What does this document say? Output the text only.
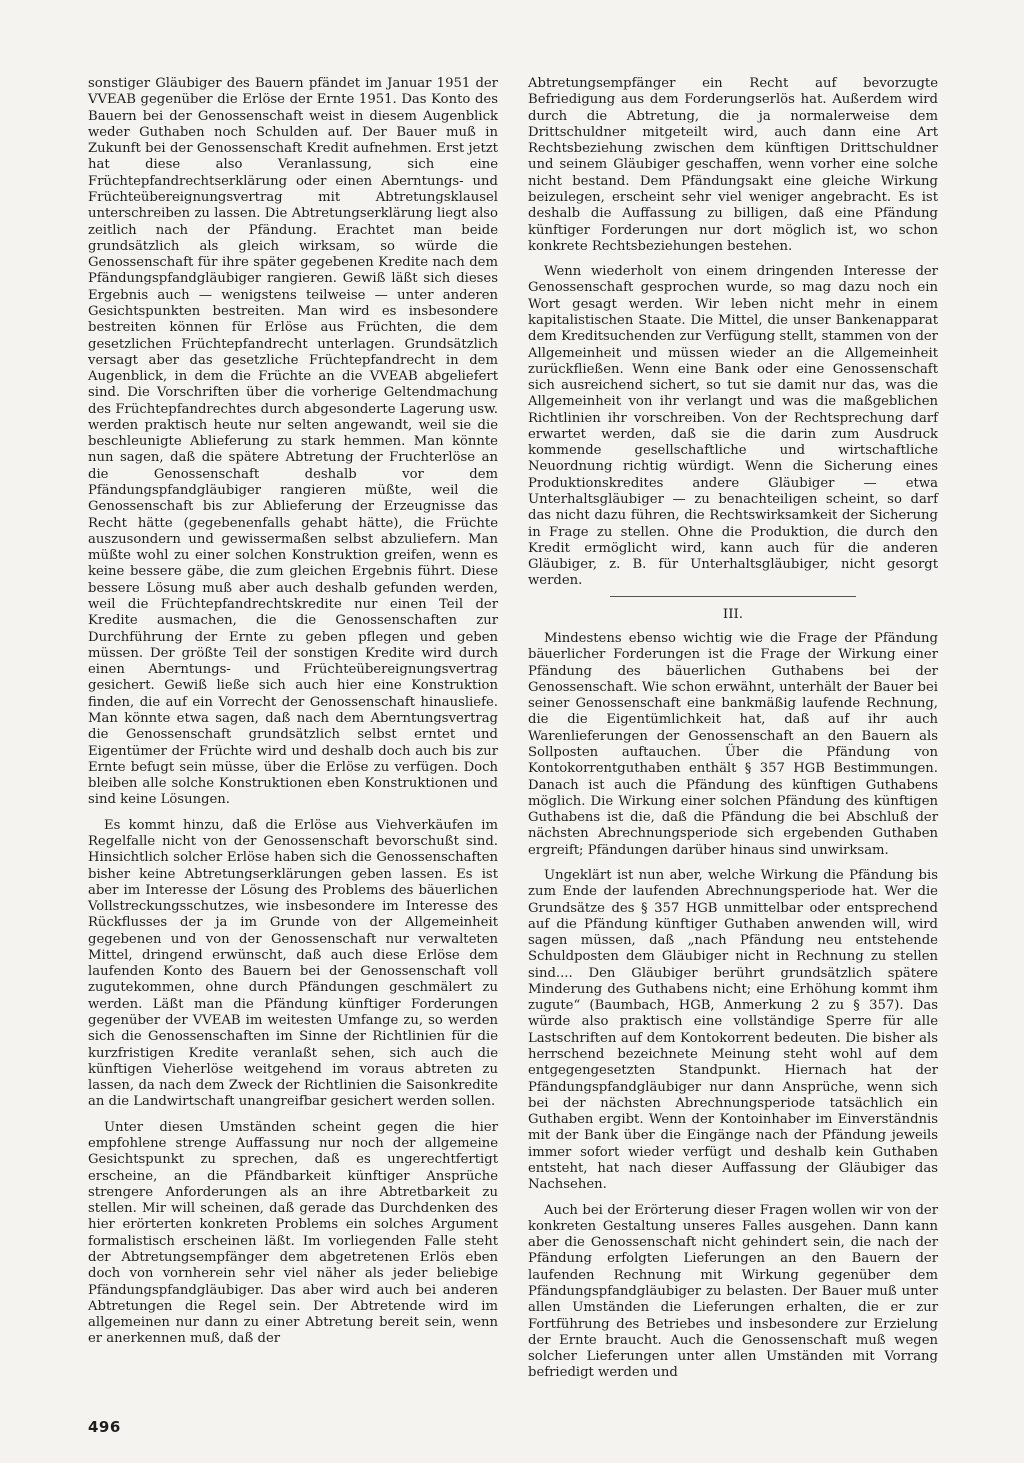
sonstiger Gläubiger des Bauern pfändet im Januar 1951 der VVEAB gegenüber die Erlöse der Ernte 1951. Das Konto des Bauern bei der Genossenschaft weist in diesem Augenblick weder Guthaben noch Schulden auf. Der Bauer muß in Zukunft bei der Genossenschaft Kredit aufnehmen. Erst jetzt hat diese also Veranlassung, sich eine Früchtepfandrechtserklärung oder einen Aberntungs- und Früchteübereignungsvertrag mit Abtretungsklausel unterschreiben zu lassen. Die Abtretungserklärung liegt also zeitlich nach der Pfändung. Erachtet man beide grundsätzlich als gleich wirksam, so würde die Genossenschaft für ihre später gegebenen Kredite nach dem Pfändungspfandgläubiger rangieren. Gewiß läßt sich dieses Ergebnis auch — wenigstens teilweise — unter anderen Gesichtspunkten bestreiten. Man wird es insbesondere bestreiten können für Erlöse aus Früchten, die dem gesetzlichen Früchtepfandrecht unterlagen. Grundsätzlich versagt aber das gesetzliche Früchtepfandrecht in dem Augenblick, in dem die Früchte an die VVEAB abgeliefert sind. Die Vorschriften über die vorherige Geltendmachung des Früchtepfandrechtes durch abgesonderte Lagerung usw. werden praktisch heute nur selten angewandt, weil sie die beschleunigte Ablieferung zu stark hemmen. Man könnte nun sagen, daß die spätere Abtretung der Fruchterlöse an die Genossenschaft deshalb vor dem Pfändungspfandgläubiger rangieren müßte, weil die Genossenschaft bis zur Ablieferung der Erzeugnisse das Recht hätte (gegebenenfalls gehabt hätte), die Früchte auszusondern und gewissermaßen selbst abzuliefern. Man müßte wohl zu einer solchen Konstruktion greifen, wenn es keine bessere gäbe, die zum gleichen Ergebnis führt. Diese bessere Lösung muß aber auch deshalb gefunden werden, weil die Früchtepfandrechtskredite nur einen Teil der Kredite ausmachen, die die Genossenschaften zur Durchführung der Ernte zu geben pflegen und geben müssen. Der größte Teil der sonstigen Kredite wird durch einen Aberntungs- und Früchteübereignungsvertrag gesichert. Gewiß ließe sich auch hier eine Konstruktion finden, die auf ein Vorrecht der Genossenschaft hinausliefe. Man könnte etwa sagen, daß nach dem Aberntungsvertrag die Genossenschaft grundsätzlich selbst erntet und Eigentümer der Früchte wird und deshalb doch auch bis zur Ernte befugt sein müsse, über die Erlöse zu verfügen. Doch bleiben alle solche Konstruktionen eben Konstruktionen und sind keine Lösungen.

Es kommt hinzu, daß die Erlöse aus Viehverkäufen im Regelfalle nicht von der Genossenschaft bevorschußt sind. Hinsichtlich solcher Erlöse haben sich die Genossenschaften bisher keine Abtretungserklärungen geben lassen. Es ist aber im Interesse der Lösung des Problems des bäuerlichen Vollstreckungsschutzes, wie insbesondere im Interesse des Rückflusses der ja im Grunde von der Allgemeinheit gegebenen und von der Genossenschaft nur verwalteten Mittel, dringend erwünscht, daß auch diese Erlöse dem laufenden Konto des Bauern bei der Genossenschaft voll zugutekommen, ohne durch Pfändungen geschmälert zu werden. Läßt man die Pfändung künftiger Forderungen gegenüber der VVEAB im weitesten Umfange zu, so werden sich die Genossenschaften im Sinne der Richtlinien für die kurzfristigen Kredite veranlaßt sehen, sich auch die künftigen Vieherlöse weitgehend im voraus abtreten zu lassen, da nach dem Zweck der Richtlinien die Saisonkredite an die Landwirtschaft unangreifbar gesichert werden sollen.

Unter diesen Umständen scheint gegen die hier empfohlene strenge Auffassung nur noch der allgemeine Gesichtspunkt zu sprechen, daß es ungerechtfertigt erscheine, an die Pfändbarkeit künftiger Ansprüche strengere Anforderungen als an ihre Abtretbarkeit zu stellen. Mir will scheinen, daß gerade das Durchdenken des hier erörterten konkreten Problems ein solches Argument formalistisch erscheinen läßt. Im vorliegenden Falle steht der Abtretungsempfänger dem abgetretenen Erlös eben doch von vornherein sehr viel näher als jeder beliebige Pfändungspfandgläubiger. Das aber wird auch bei anderen Abtretungen die Regel sein. Der Abtretende wird im allgemeinen nur dann zu einer Abtretung bereit sein, wenn er anerkennen muß, daß der

Abtretungsempfänger ein Recht auf bevorzugte Befriedigung aus dem Forderungserlös hat. Außerdem wird durch die Abtretung, die ja normalerweise dem Drittschuldner mitgeteilt wird, auch dann eine Art Rechtsbeziehung zwischen dem künftigen Drittschuldner und seinem Gläubiger geschaffen, wenn vorher eine solche nicht bestand. Dem Pfändungsakt eine gleiche Wirkung beizulegen, erscheint sehr viel weniger angebracht. Es ist deshalb die Auffassung zu billigen, daß eine Pfändung künftiger Forderungen nur dort möglich ist, wo schon konkrete Rechtsbeziehungen bestehen.

Wenn wiederholt von einem dringenden Interesse der Genossenschaft gesprochen wurde, so mag dazu noch ein Wort gesagt werden. Wir leben nicht mehr in einem kapitalistischen Staate. Die Mittel, die unser Bankenapparat dem Kreditsuchenden zur Verfügung stellt, stammen von der Allgemeinheit und müssen wieder an die Allgemeinheit zurückfließen. Wenn eine Bank oder eine Genossenschaft sich ausreichend sichert, so tut sie damit nur das, was die Allgemeinheit von ihr verlangt und was die maßgeblichen Richtlinien ihr vorschreiben. Von der Rechtsprechung darf erwartet werden, daß sie die darin zum Ausdruck kommende gesellschaftliche und wirtschaftliche Neuordnung richtig würdigt. Wenn die Sicherung eines Produktionskredites andere Gläubiger — etwa Unterhaltsgläubiger — zu benachteiligen scheint, so darf das nicht dazu führen, die Rechtswirksamkeit der Sicherung in Frage zu stellen. Ohne die Produktion, die durch den Kredit ermöglicht wird, kann auch für die anderen Gläubiger, z. B. für Unterhaltsgläubiger, nicht gesorgt werden.

III.

Mindestens ebenso wichtig wie die Frage der Pfändung bäuerlicher Forderungen ist die Frage der Wirkung einer Pfändung des bäuerlichen Guthabens bei der Genossenschaft. Wie schon erwähnt, unterhält der Bauer bei seiner Genossenschaft eine bankmäßig laufende Rechnung, die die Eigentümlichkeit hat, daß auf ihr auch Warenlieferungen der Genossenschaft an den Bauern als Sollposten auftauchen. Über die Pfändung von Kontokorrentguthaben enthält § 357 HGB Bestimmungen. Danach ist auch die Pfändung des künftigen Guthabens möglich. Die Wirkung einer solchen Pfändung des künftigen Guthabens ist die, daß die Pfändung die bei Abschluß der nächsten Abrechnungsperiode sich ergebenden Guthaben ergreift; Pfändungen darüber hinaus sind unwirksam.

Ungeklärt ist nun aber, welche Wirkung die Pfändung bis zum Ende der laufenden Abrechnungsperiode hat. Wer die Grundsätze des § 357 HGB unmittelbar oder entsprechend auf die Pfändung künftiger Guthaben anwenden will, wird sagen müssen, daß „nach Pfändung neu entstehende Schuldposten dem Gläubiger nicht in Rechnung zu stellen sind.... Den Gläubiger berührt grundsätzlich spätere Minderung des Guthabens nicht; eine Erhöhung kommt ihm zugute“ (Baumbach, HGB, Anmerkung 2 zu § 357). Das würde also praktisch eine vollständige Sperre für alle Lastschriften auf dem Kontokorrent bedeuten. Die bisher als herrschend bezeichnete Meinung steht wohl auf dem entgegengesetzten Standpunkt. Hiernach hat der Pfändungspfandgläubiger nur dann Ansprüche, wenn sich bei der nächsten Abrechnungsperiode tatsächlich ein Guthaben ergibt. Wenn der Kontoinhaber im Einverständnis mit der Bank über die Eingänge nach der Pfändung jeweils immer sofort wieder verfügt und deshalb kein Guthaben entsteht, hat nach dieser Auffassung der Gläubiger das Nachsehen.

Auch bei der Erörterung dieser Fragen wollen wir von der konkreten Gestaltung unseres Falles ausgehen. Dann kann aber die Genossenschaft nicht gehindert sein, die nach der Pfändung erfolgten Lieferungen an den Bauern der laufenden Rechnung mit Wirkung gegenüber dem Pfändungspfandgläubiger zu belasten. Der Bauer muß unter allen Umständen die Lieferungen erhalten, die er zur Fortführung des Betriebes und insbesondere zur Erzielung der Ernte braucht. Auch die Genossenschaft muß wegen solcher Lieferungen unter allen Umständen mit Vorrang befriedigt werden und

496
